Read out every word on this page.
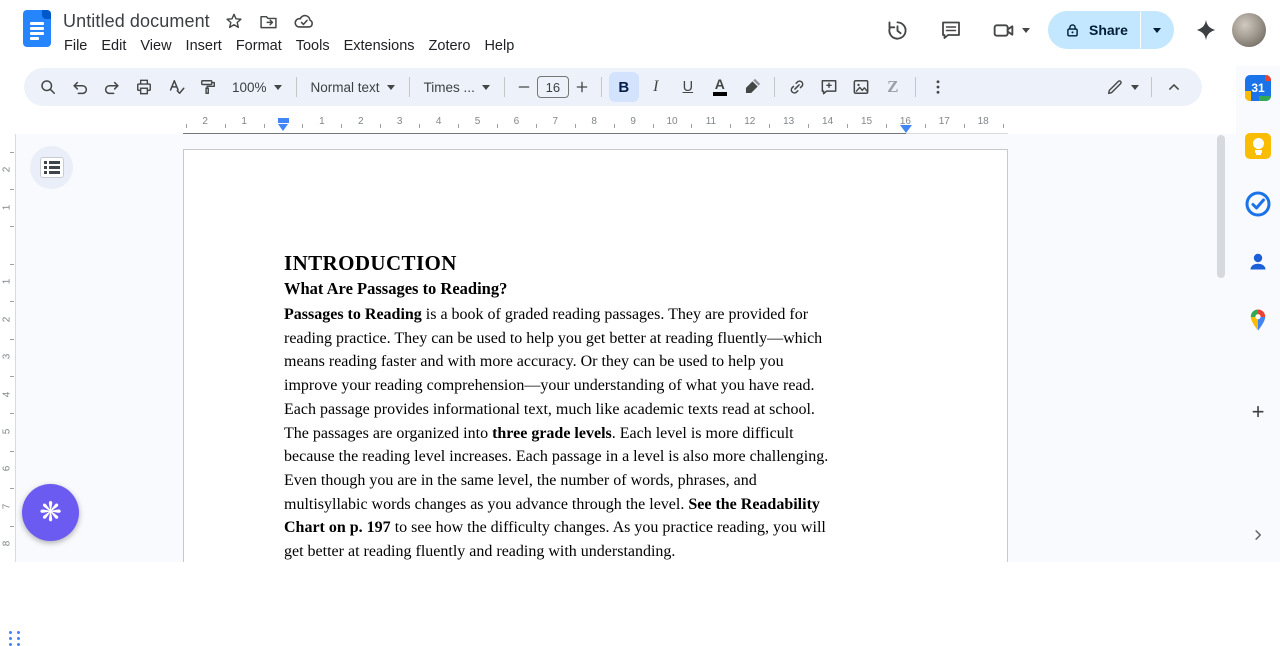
Untitled document
File Edit View Insert Format Tools Extensions Zotero Help
Share
100%	Normal text	Times ...	16	B	I	U	A	Z
2	1	1	2	3	4	5	6	7	8	9	10	11	12	13	14	15	16	17	18
2
1
1
2
3
4
5
6
7
8
INTRODUCTION
What Are Passages to Reading?
Passages to Reading is a book of graded reading passages. They are provided for
reading practice. They can be used to help you get better at reading fluently—which
means reading faster and with more accuracy. Or they can be used to help you
improve your reading comprehension—your understanding of what you have read.
Each passage provides informational text, much like academic texts read at school.
The passages are organized into three grade levels. Each level is more difficult
because the reading level increases. Each passage in a level is also more challenging.
Even though you are in the same level, the number of words, phrases, and
multisyllabic words changes as you advance through the level. See the Readability
Chart on p. 197 to see how the difficulty changes. As you practice reading, you will
get better at reading fluently and reading with understanding.
31
+
❋
